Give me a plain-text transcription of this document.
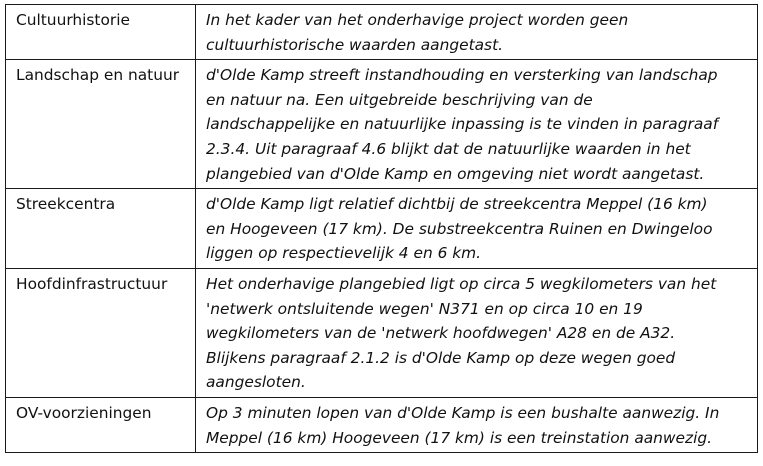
Cultuurhistorie	In het kader van het onderhavige project worden geen
cultuurhistorische waarden aangetast.

Landschap en natuur	d'Olde Kamp streeft instandhouding en versterking van landschap
en natuur na. Een uitgebreide beschrijving van de
landschappelijke en natuurlijke inpassing is te vinden in paragraaf
2.3.4. Uit paragraaf 4.6 blijkt dat de natuurlijke waarden in het
plangebied van d'Olde Kamp en omgeving niet wordt aangetast.

Streekcentra	d'Olde Kamp ligt relatief dichtbij de streekcentra Meppel (16 km)
en Hoogeveen (17 km). De substreekcentra Ruinen en Dwingeloo
liggen op respectievelijk 4 en 6 km.

Hoofdinfrastructuur	Het onderhavige plangebied ligt op circa 5 wegkilometers van het
'netwerk ontsluitende wegen' N371 en op circa 10 en 19
wegkilometers van de 'netwerk hoofdwegen' A28 en de A32.
Blijkens paragraaf 2.1.2 is d'Olde Kamp op deze wegen goed
aangesloten.

OV-voorzieningen	Op 3 minuten lopen van d'Olde Kamp is een bushalte aanwezig. In
Meppel (16 km) Hoogeveen (17 km) is een treinstation aanwezig.
